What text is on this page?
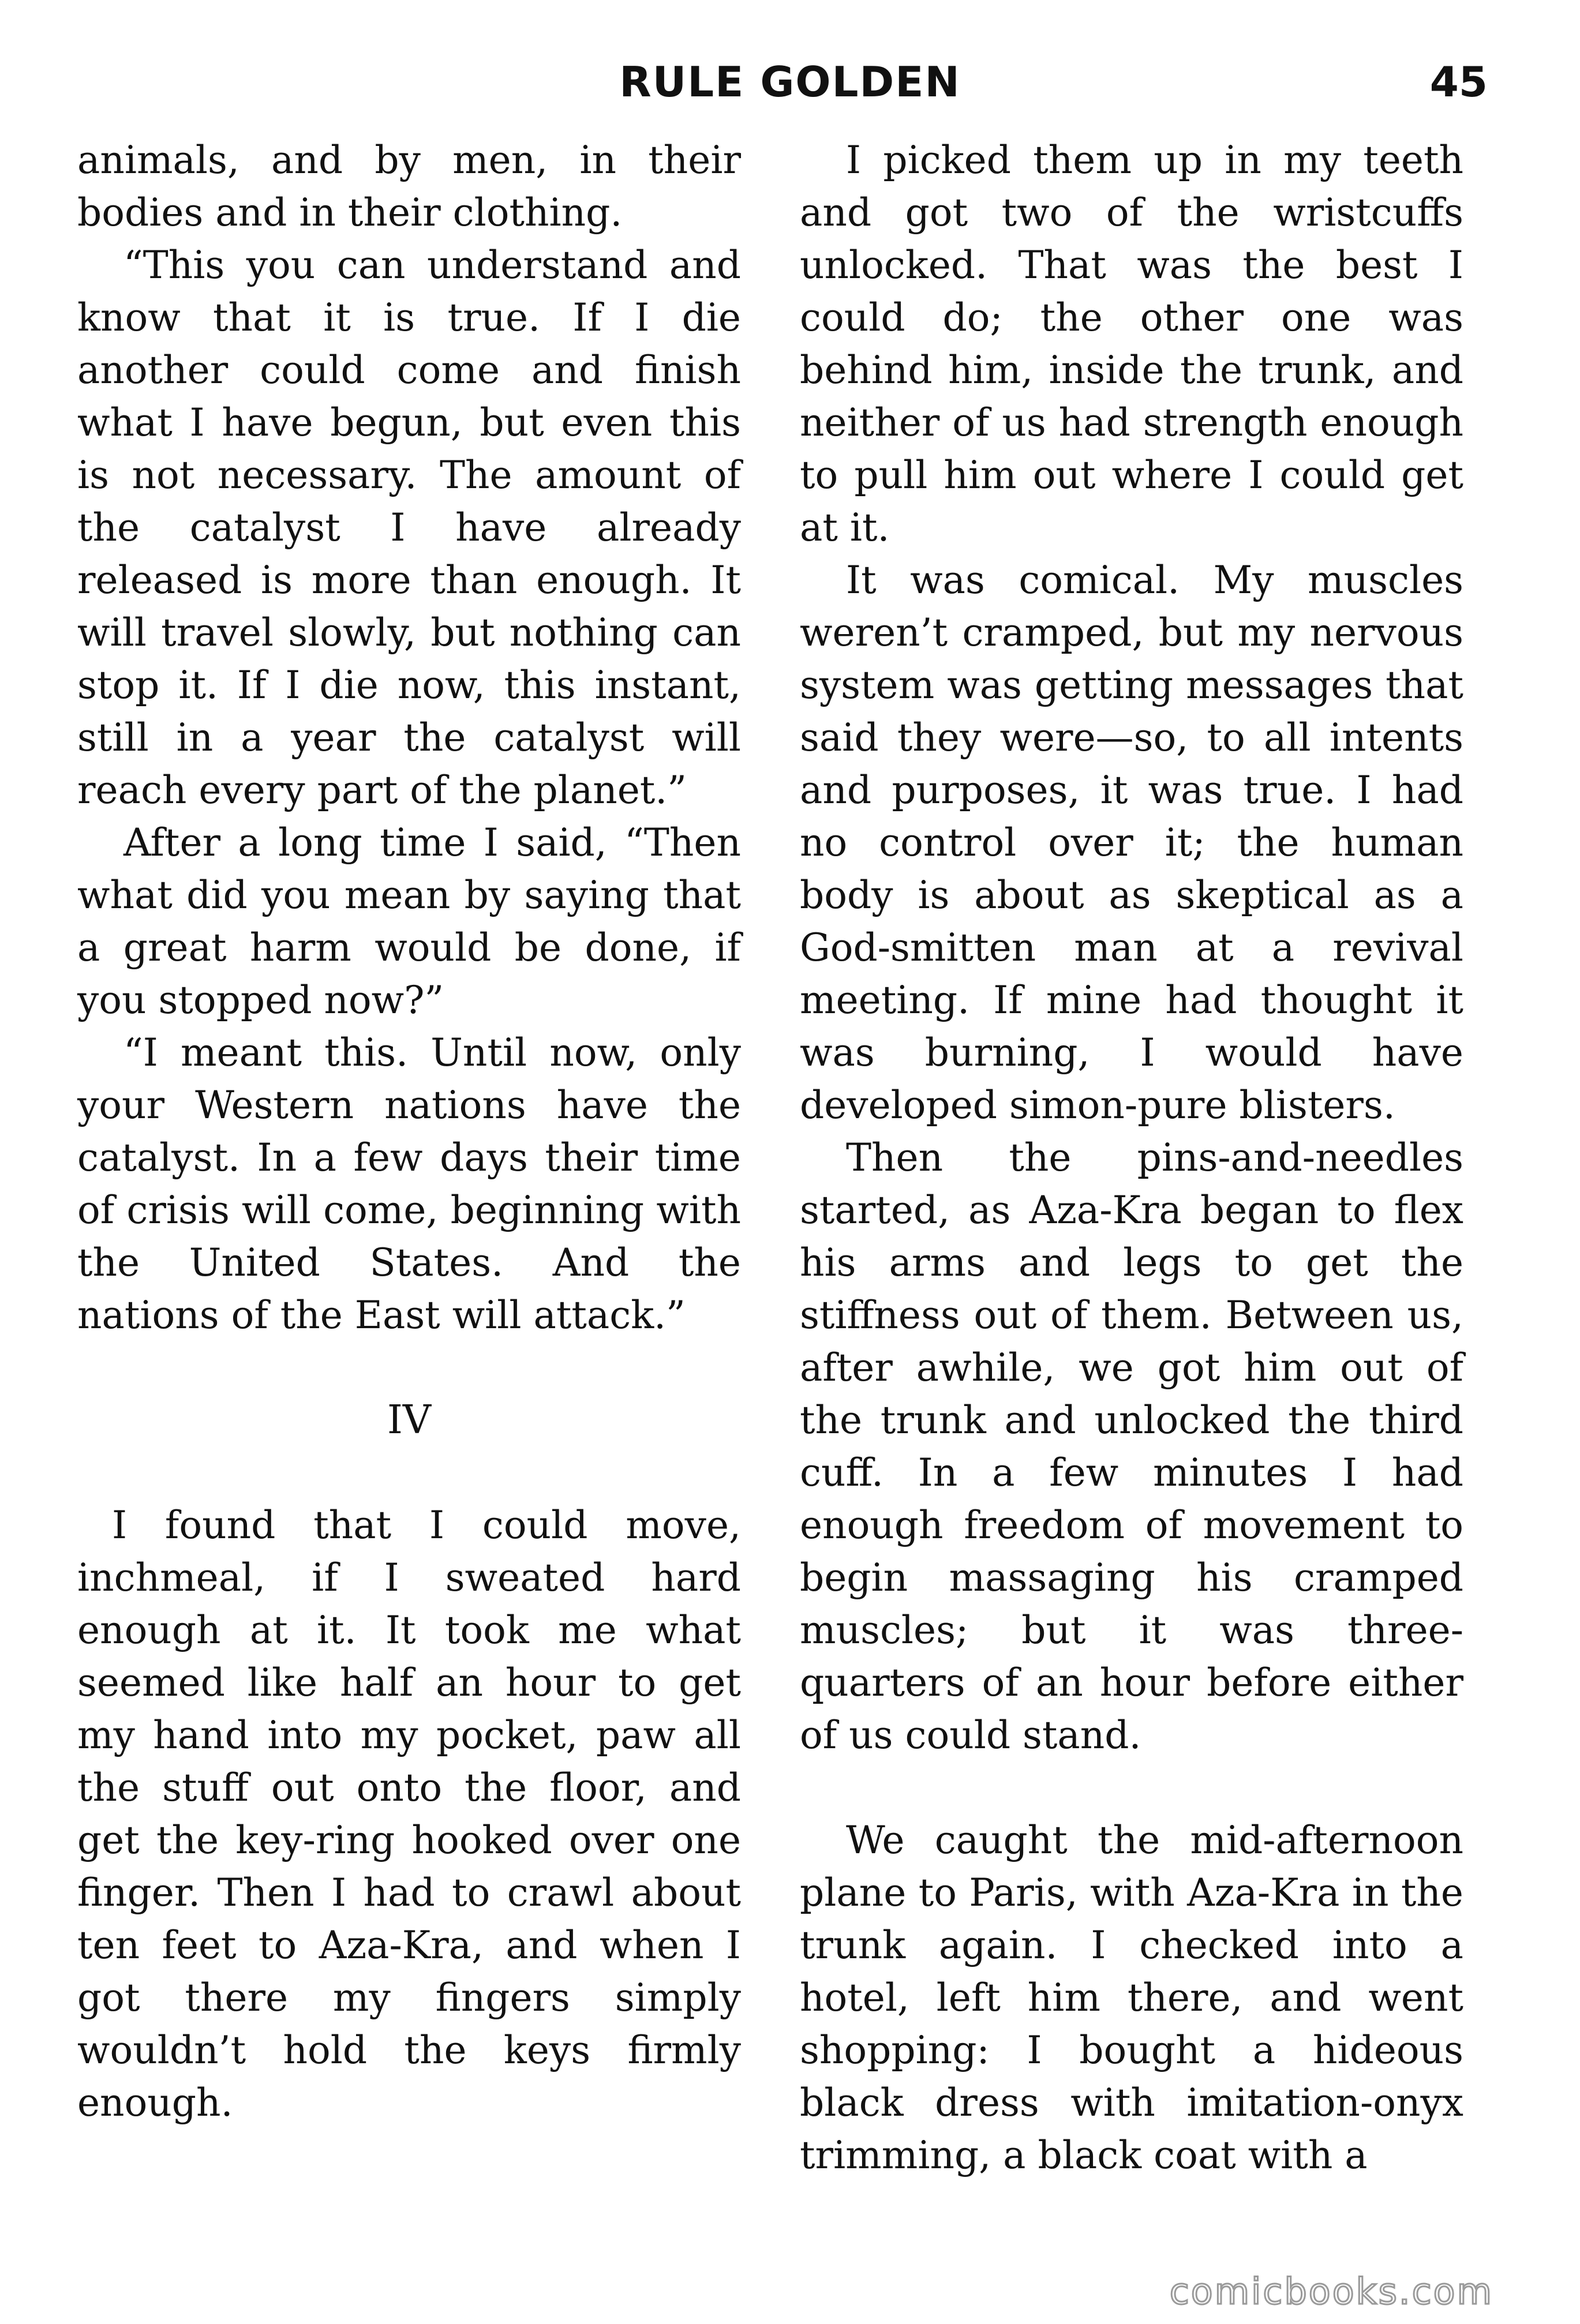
RULE GOLDEN	45

animals, and by men, in their bodies and in their clothing.

“This you can understand and know that it is true. If I die another could come and finish what I have begun, but even this is not necessary. The amount of the catalyst I have already released is more than enough. It will travel slowly, but nothing can stop it. If I die now, this instant, still in a year the catalyst will reach every part of the planet.”

After a long time I said, “Then what did you mean by saying that a great harm would be done, if you stopped now?”

“I meant this. Until now, only your Western nations have the catalyst. In a few days their time of crisis will come, beginning with the United States. And the nations of the East will attack.”

IV

I found that I could move, inchmeal, if I sweated hard enough at it. It took me what seemed like half an hour to get my hand into my pocket, paw all the stuff out onto the floor, and get the key-ring hooked over one finger. Then I had to crawl about ten feet to Aza-Kra, and when I got there my fingers simply wouldn’t hold the keys firmly enough.

I picked them up in my teeth and got two of the wristcuffs unlocked. That was the best I could do; the other one was behind him, inside the trunk, and neither of us had strength enough to pull him out where I could get at it.

It was comical. My muscles weren’t cramped, but my nervous system was getting messages that said they were—so, to all intents and purposes, it was true. I had no control over it; the human body is about as skeptical as a God-smitten man at a revival meeting. If mine had thought it was burning, I would have developed simon-pure blisters.

Then the pins-and-needles started, as Aza-Kra began to flex his arms and legs to get the stiffness out of them. Between us, after awhile, we got him out of the trunk and unlocked the third cuff. In a few minutes I had enough freedom of movement to begin massaging his cramped muscles; but it was three-quarters of an hour before either of us could stand.

We caught the mid-afternoon plane to Paris, with Aza-Kra in the trunk again. I checked into a hotel, left him there, and went shopping: I bought a hideous black dress with imitation-onyx trimming, a black coat with a

comicbooks.com
